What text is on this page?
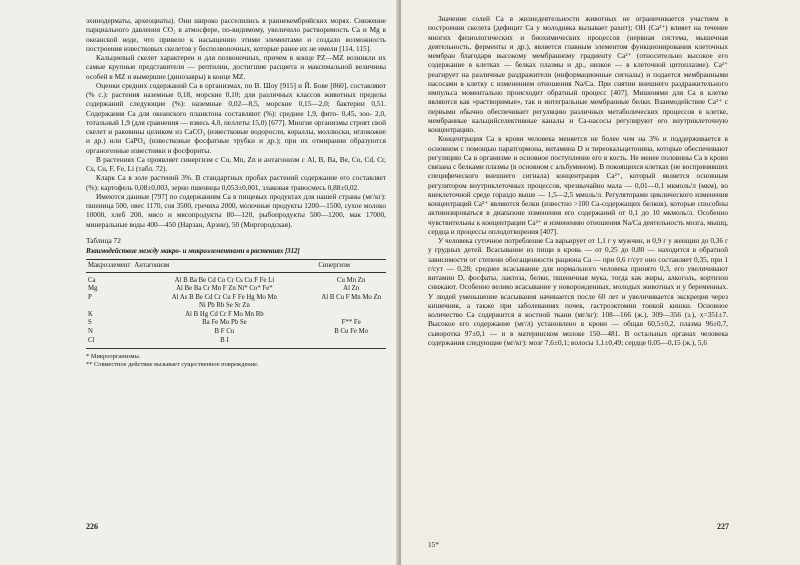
эхинодерматы, археоциаты). Они широко расселились в раннекембрийских морях. Снижение парциального давления CO₂ в атмосфере, по-видимому, увеличило растворимость Ca и Mg в океанской воде, что привело к насыщению этими элементами и создало возможность построения известковых скелетов у беспозвоночных, которые ранее их не имели [114, 115].

Кальциевый скелет характерен и для позвоночных, причем в конце PZ—MZ возникли их самые крупные представители — рептилии, достигшие расцвета и максимальной величины особей в MZ и вымершие (динозавры) в конце MZ.

Оценки средних содержаний Ca в организмах, по В. Шоу [915] и Й. Бове [860], составляют (% с.): растения наземные 0,18, морские 0,10; для различных классов животных пределы содержаний следующие (%): наземные 0,02—8,5, морские 0,15—2,0; бактерии 0,51. Содержания Ca для океанского планктона составляют (%): среднее 1,9, фито- 0,45, зоо- 2,0, тотальный 1,9 (для сравнения — взвесь 4,0, пеллеты 15,0) [677]. Многие организмы строят свой скелет и раковины целиком из CaCO₃ (известковые водоросли, кораллы, моллюски, иглокожие и др.) или CaPO₄ (известковые фосфатные трубки и др.); при их отмирании образуются органогенные известняки и фосфориты.

В растениях Ca проявляет синергизм с Cu, Mn, Zn и антагонизм с Al, B, Ba, Be, Co, Cd, Cr, Cs, Cu, F, Fe, Li (табл. 72).

Кларк Ca в золе растений 3%. В стандартных пробах растений содержание его составляет (%): картофель 0,08±0,003, зерно пшеницы 0,053±0,001, злаковая травосмесь 0,88±0,02.

Имеются данные [797] по содержаниям Ca в пищевых продуктах для нашей страны (мг/кг): пшеница 500, овес 1170, соя 3500, гречиха 2000, молочные продукты 1200—1500, сухое молоко 10000, хлеб 200, мясо и мясопродукты 80—120, рыбопродукты 500—1200, мак 17000, минеральные воды 400—450 (Нарзан, Арзни), 50 (Миргородская).

Таблица 72
Взаимодействие между макро- и микроэлементами в растениях [312]
Макроэлемент	Антагонизм	Синергизм
Ca	Al B Ba Be Cd Co Cr Cs Cu F Fe Li	Cu Mn Zn
Mg	Al Be Ba Cr Mn F Zn Ni* Co* Fe*	Al Zn
P	Al As B Be Cd Cr Cu F Fe Hg Mo Mn	Al B Cu F Mn Mo Zn
	Ni Pb Rb Se Sr Zn	
K	Al B Hg Cd Cr F Mo Mn Rb	
S	Ba Fe Mo Pb Se	F** Fe
N	B F Cu	B Cu Fe Mo
Cl	B I	
* Микроорганизмы.
** Совместное действие вызывает существенное повреждение.
226

Значение солей Ca в жизнедеятельности животных не ограничивается участием в построении скелета (дефицит Ca у молодняка вызывает рахит); ОН (Ca²⁺) влияет на течение многих физиологических и биохимических процессов (нервная система, мышечная деятельность, ферменты и др.), является главным элементом функционирования клеточных мембран благодаря высокому мембранному градиенту Ca²⁺ (относительно высокое его содержание в клетках — белках плазмы и др., низкое — в клеточной цитоплазме). Ca²⁺ реагирует на различные раздражители (информационные сигналы) и подается мембранными насосами в клетку с изменением отношения Na/Ca. При снятии внешнего раздражительного импульса моментально происходит обратный процесс [407]. Мишенями для Ca в клетке являются как «растворимые», так и интегральные мембранные белки. Взаимодействие Ca²⁺ с первыми обычно обеспечивает регуляцию различных метаболических процессов в клетке, мембранные кальцийселективные каналы и Ca-насосы регулируют его внутриклеточную концентрацию.

Концентрация Ca в крови человека меняется не более чем на 3% и поддерживается в основном с помощью паратгормона, витамина D и тиреокальцитонина, которые обеспечивают регуляцию Ca в организме и основное поступление его в кость. Не менее половины Ca в крови связана с белками плазмы (в основном с альбумином). В покоящихся клетках (не воспринявших специфического внешнего сигнала) концентрация Ca²⁺, который является основным регулятором внутриклеточных процессов, чрезвычайно мала — 0,01—0,1 мкмоль/л (мкм), во внеклеточной среде гораздо выше — 1,5—2,5 ммоль/л. Регуляторами циклического изменения концентраций Ca²⁺ являются белки (известно >100 Ca-содержащих белков), которые способны активизироваться в диапазоне изменения его содержаний от 0,1 до 10 мкмоль/л. Особенно чувствительны к концентрации Ca²⁺ и изменению отношения Na/Ca деятельность мозга, мышц, сердца и процессы оплодотворения [407].

У человека суточное потребление Ca варьирует от 1,1 г у мужчин, и 0,9 г у женщин до 0,36 г у грудных детей. Всасывание из пищи в кровь — от 0,25 до 0,80 — находится в обратной зависимости от степени обогащенности рациона Ca — при 0,6 г/сут оно составляет 0,35, при 1 г/сут — 0,28; среднее всасывание для нормального человека принято 0,3, его увеличивают витамин D, фосфаты, лактоза, белки, пшеничная мука, тогда как жиры, алкоголь, кортизон снижают. Особенно велико всасывание у новорожденных, молодых животных и у беременных. У людей уменьшение всасывания начинается после 60 лет и увеличивается экскреция через кишечник, а также при заболеваниях почек, гастроэктомии тонкой кишки. Основное количество Ca содержится в костной ткани (мг/кг): 108—166 (ж.), 309—356 (з.), x=351±7. Высокое его содержание (мг/л) установлено в крови — общая 60,5±0,2, плазма 96±0,7, сыворотка 97±0,1 — и в материнском молоке 150—481. В остальных органах человека содержания следующие (мг/кг): мозг 7,6±0,1; волосы 1,1±0,49; сердце 0,05—0,15 (ж.), 5,6

227
15*
